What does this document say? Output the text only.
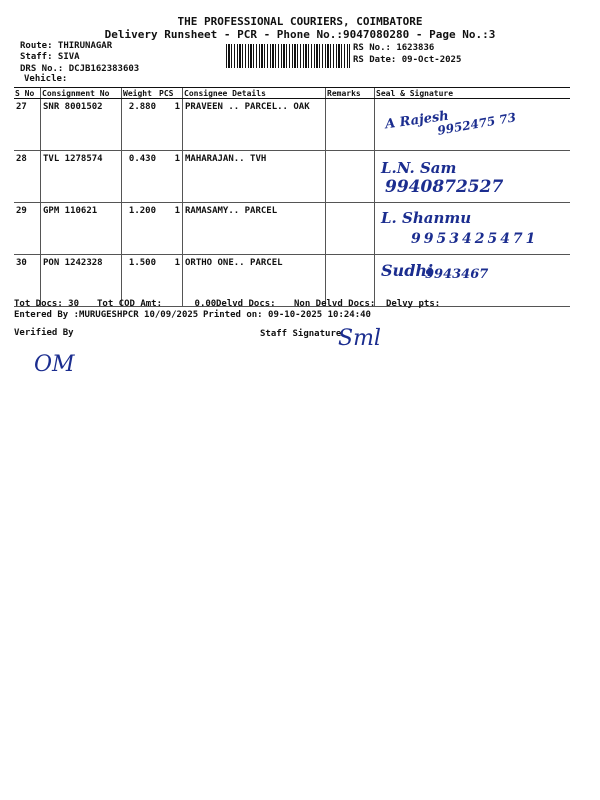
THE PROFESSIONAL COURIERS, COIMBATORE
Delivery Runsheet - PCR - Phone No.:9047080280 - Page No.:3
Route: THIRUNAGAR
Staff: SIVA
DRS No.: DCJB162383603
Vehicle:
RS No.: 1623836
RS Date: 09-Oct-2025
S No	Consignment No	Weight	PCS	Consignee Details	Remarks	Seal & Signature
27	SNR 8001502	2.880	1	PRAVEEN .. PARCEL.. OAK		A Rajesh
9952475 73

28	TVL 1278574	0.430	1	MAHARAJAN.. TVH		L.N. Sam
9940872527

29	GPM 110621	1.200	1	RAMASAMY.. PARCEL		L. Shanmu
9953425471

30	PON 1242328	1.500	1	ORTHO ONE.. PARCEL		Sudhi
9943467
Tot Docs: 30 Tot COD Amt:      0.00 Delvd Docs: Non Delvd Docs: Delvy pts:
Entered By :MURUGESHPCR 10/09/2025 Printed on: 09-10-2025 10:24:40
Verified By	Staff Signature
OM
Sml
